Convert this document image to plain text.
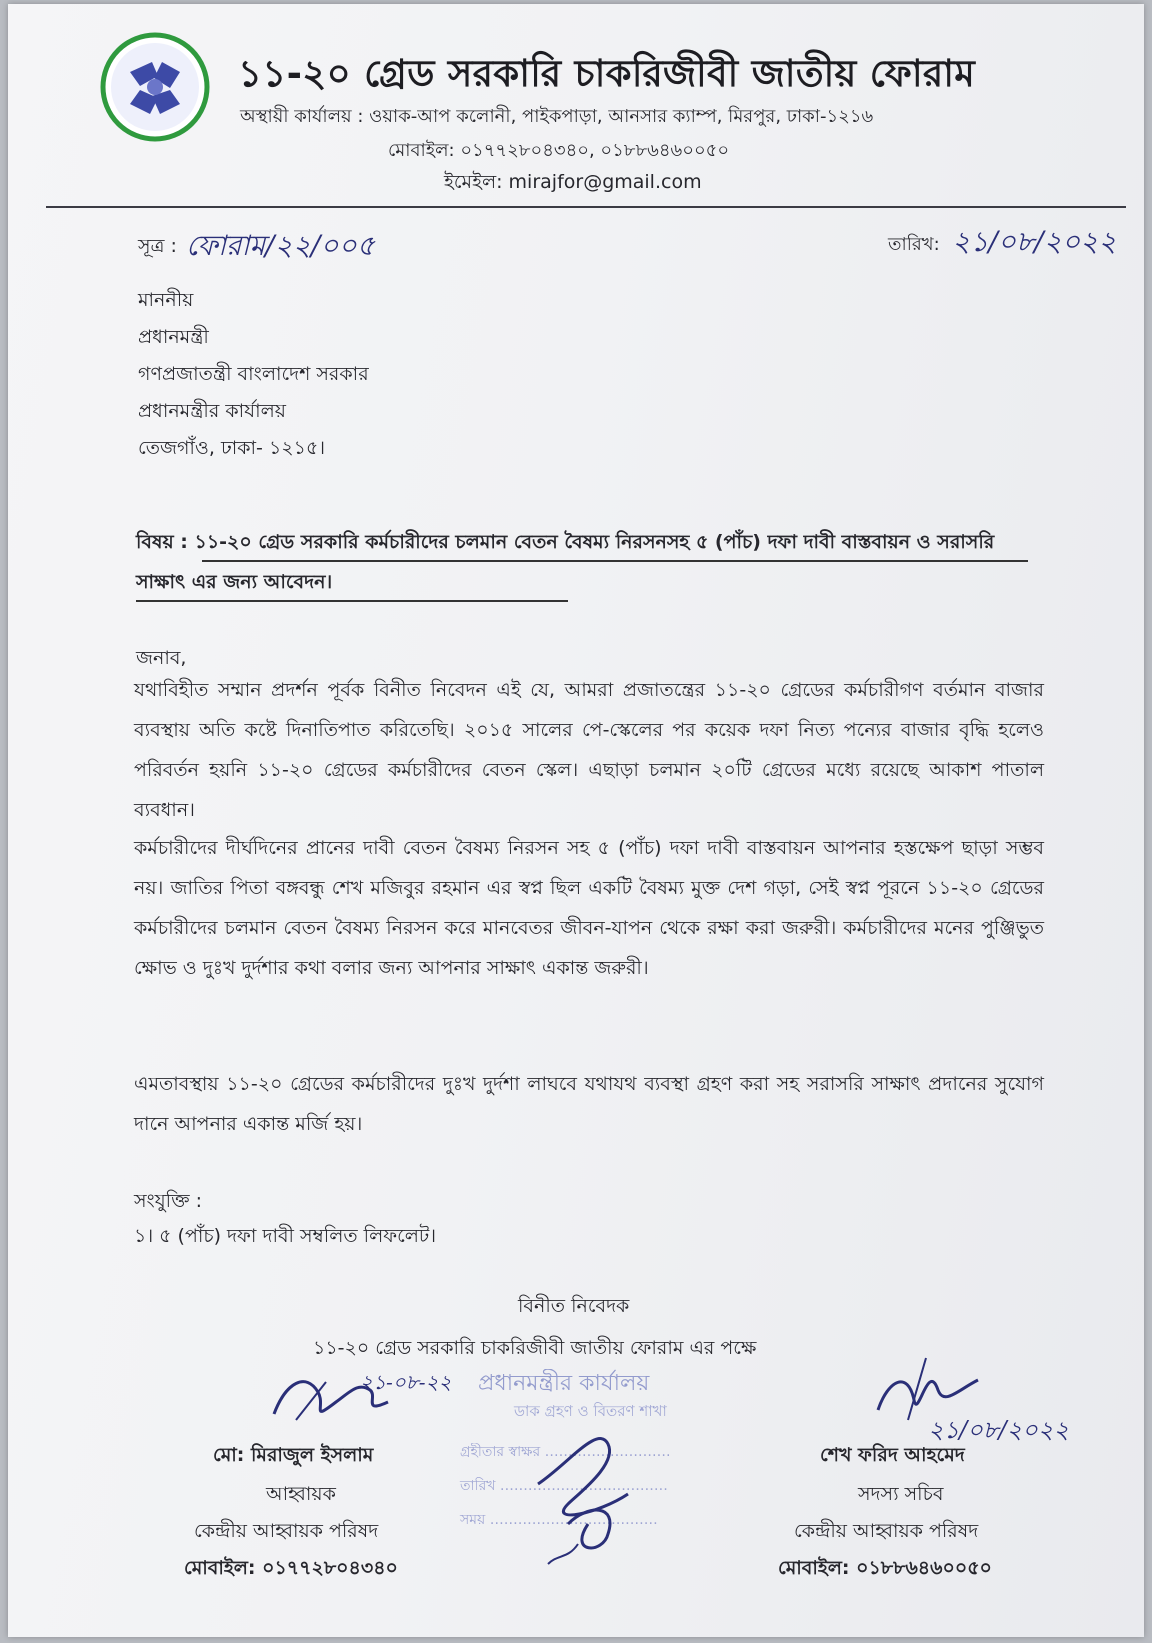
১১-২০ গ্রেড সরকারি চাকরিজীবী জাতীয় ফোরাম
অস্থায়ী কার্যালয় : ওয়াক-আপ কলোনী, পাইকপাড়া, আনসার ক্যাম্প, মিরপুর, ঢাকা-১২১৬
মোবাইল: ০১৭৭২৮০৪৩৪০, ০১৮৮৬৪৬০০৫০
ইমেইল: mirajfor@gmail.com
সূত্র : ফোরাম/২২/০০৫	তারিখ: ২১/০৮/২০২২
মাননীয়
প্রধানমন্ত্রী
গণপ্রজাতন্ত্রী বাংলাদেশ সরকার
প্রধানমন্ত্রীর কার্যালয়
তেজগাঁও, ঢাকা- ১২১৫।
বিষয় : ১১-২০ গ্রেড সরকারি কর্মচারীদের চলমান বেতন বৈষম্য নিরসনসহ ৫ (পাঁচ) দফা দাবী বাস্তবায়ন ও সরাসরি সাক্ষাৎ এর জন্য আবেদন।
জনাব,
যথাবিহীত সম্মান প্রদর্শন পূর্বক বিনীত নিবেদন এই যে, আমরা প্রজাতন্ত্রের ১১-২০ গ্রেডের কর্মচারীগণ বর্তমান বাজার ব্যবস্থায় অতি কষ্টে দিনাতিপাত করিতেছি। ২০১৫ সালের পে-স্কেলের পর কয়েক দফা নিত্য পন্যের বাজার বৃদ্ধি হলেও পরিবর্তন হয়নি ১১-২০ গ্রেডের কর্মচারীদের বেতন স্কেল। এছাড়া চলমান ২০টি গ্রেডের মধ্যে রয়েছে আকাশ পাতাল ব্যবধান।
কর্মচারীদের দীর্ঘদিনের প্রানের দাবী বেতন বৈষম্য নিরসন সহ ৫ (পাঁচ) দফা দাবী বাস্তবায়ন আপনার হস্তক্ষেপ ছাড়া সম্ভব নয়। জাতির পিতা বঙ্গবন্ধু শেখ মজিবুর রহমান এর স্বপ্ন ছিল একটি বৈষম্য মুক্ত দেশ গড়া, সেই স্বপ্ন পূরনে ১১-২০ গ্রেডের কর্মচারীদের চলমান বেতন বৈষম্য নিরসন করে মানবেতর জীবন-যাপন থেকে রক্ষা করা জরুরী। কর্মচারীদের মনের পুঞ্জিভুত ক্ষোভ ও দুঃখ দুর্দশার কথা বলার জন্য আপনার সাক্ষাৎ একান্ত জরুরী।
এমতাবস্থায় ১১-২০ গ্রেডের কর্মচারীদের দুঃখ দুর্দশা লাঘবে যথাযথ ব্যবস্থা গ্রহণ করা সহ সরাসরি সাক্ষাৎ প্রদানের সুযোগ দানে আপনার একান্ত মর্জি হয়।
সংযুক্তি :
১। ৫ (পাঁচ) দফা দাবী সম্বলিত লিফলেট।
বিনীত নিবেদক
১১-২০ গ্রেড সরকারি চাকরিজীবী জাতীয় ফোরাম এর পক্ষে
প্রধানমন্ত্রীর কার্যালয়
ডাক গ্রহণ ও বিতরণ শাখা
গ্রহীতার স্বাক্ষর ………………………
তারিখ ………………………………
সময় ………………………………
২১-০৮-২২
২১/০৮/২০২২
মো: মিরাজুল ইসলাম
আহ্বায়ক
কেন্দ্রীয় আহ্বায়ক পরিষদ
মোবাইল: ০১৭৭২৮০৪৩৪০
শেখ ফরিদ আহমেদ
সদস্য সচিব
কেন্দ্রীয় আহ্বায়ক পরিষদ
মোবাইল: ০১৮৮৬৪৬০০৫০
